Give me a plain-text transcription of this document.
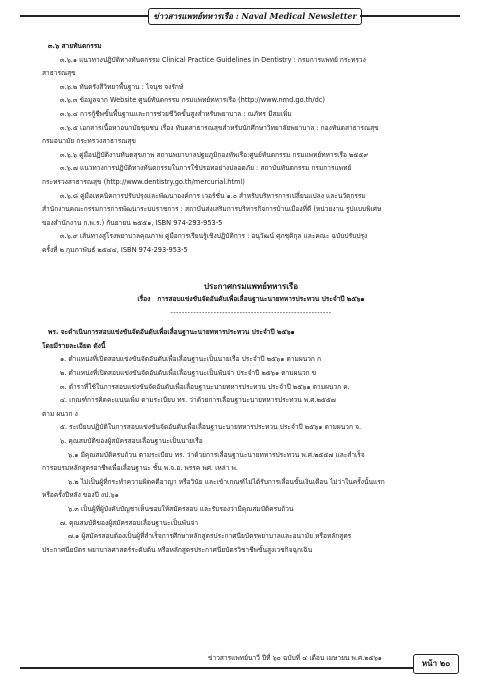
ข่าวสารแพทย์ทหารเรือ : Naval Medical Newsletter
๓.๖ สายทันตกรรม
๓.๖.๑ แนวทางปฏิบัติทางทันตกรรม Clinical Practice Guidelines in Dentistry : กรมการแพทย์ กระทรวง
สาธารณสุข
๓.๖.๒ ทันตรังสีวิทยาพื้นฐาน : ไจนุช จงรักษ์
๓.๖.๓ ข้อมูลจาก Website ศูนย์ทันตกรรม กรมแพทย์ทหารเรือ (http://www.nmd.go.th/dc)
๓.๖.๔ การกู้ชีพขั้นพื้นฐานและการช่วยชีวิตขั้นสูงสำหรับพยาบาล : ณภัทร มีสมเพิ่ม
๓.๖.๕ เอกสารเนื้อหาอนามัยชุมชน เรื่อง ทันตสาธารณสุขสำหรับนักศึกษาวิทยาลัยพยาบาล : กองทันตสาธารณสุข
กรมอนามัย กระทรวงสาธารณสุข
๓.๖.๖ คู่มือปฏิบัติงานทันตสุขภาพ สถานพยาบาลปฐมภูมิกองทัพเรือ:ศูนย์ทันตกรรม กรมแพทย์ทหารเรือ ๒๕๕๙
๓.๖.๗ แนวทางการปฏิบัติทางทันตกรรมในการใช้ปรอทอย่างปลอดภัย : สถาบันทันตกรรม กรมการแพทย์
กระทรวงสาธารณสุข (http://www.dentistry.go.th/mercurial.html)
๓.๖.๘ คู่มือเทคนิคการปรับปรุงและพัฒนาองค์การ เวอร์ชั่น ๑.๐ สำหรับบริหารการเปลี่ยนแปลง และนวัตกรรม
สำนักงานคณะกรรมการการพัฒนาระบบราชการ : สถาบันส่งเสริมการบริหารกิจการบ้านเมืองที่ดี (หน่วยงาน รูปแบบพิเศษ
ของสำนักงาน ก.พ.ร.) กันยายน ๒๕๕๑, ISBN 974-293-953-5
๓.๖.๙ เส้นทางสู่โรงพยาบาลคุณภาพ คู่มือการเรียนรู้เชิงปฏิบัติการ : อนุวัฒน์ ศุภชุติกุล และคณะ ฉบับปรับปรุง
ครั้งที่ ๒ กุมภาพันธ์ ๒๕๔๔, ISBN 974-293-953-5
ประกาศกรมแพทย์ทหารเรือ
เรื่อง การสอบแข่งขันจัดอันดับเพื่อเลื่อนฐานะนายทหารประทวน ประจำปี ๒๕๖๑
--------------------------------------------------------
พร. จะดำเนินการสอบแข่งขันจัดอันดับเพื่อเลื่อนฐานะนายทหารประทวน ประจำปี ๒๕๖๑
โดยมีรายละเอียด ดังนี้
๑. ตำแหน่งที่เปิดสอบแข่งขันจัดอันดับเพื่อเลื่อนฐานะเป็นนายเรือ ประจำปี ๒๕๖๑ ตามผนวก ก
๒. ตำแหน่งที่เปิดสอบแข่งขันจัดอันดับเพื่อเลื่อนฐานะเป็นพันจ่า ประจำปี ๒๕๖๑ ตามผนวก ข
๓. ตำราที่ใช้ในการสอบแข่งขันจัดอันดับเพื่อเลื่อนฐานะนายทหารประทวน ประจำปี ๒๕๖๑ ตามผนวก ค.
๔. เกณฑ์การคิดคะแนนเพิ่ม ตามระเบียบ ทร. ว่าด้วยการเลื่อนฐานะนายทหารประทวน พ.ศ.๒๕๕๗
ตาม ผนวก ง
๕. ระเบียบปฏิบัติในการสอบแข่งขันจัดอันดับเพื่อเลื่อนฐานะนายทหารประทวน ประจำปี ๒๕๖๑ ตามผนวก จ.
๖. คุณสมบัติของผู้สมัครสอบเลื่อนฐานะเป็นนายเรือ
๖.๑ มีคุณสมบัติครบถ้วน ตามระเบียบ ทร. ว่าด้วยการเลื่อนฐานะนายทหารประทวน พ.ศ.๒๕๕๗ และสำเร็จ
การอบรมหลักสูตรอาชีพเพื่อเลื่อนฐานะ ชั้น พ.จ.อ. พรรค พศ. เหล่า พ.
๖.๒ ไม่เป็นผู้ที่กระทำความผิดคดีอาญา หรือวินัย และเข้าเกณฑ์ไม่ได้รับการเลื่อนขั้นเงินเดือน ไม่ว่าในครั้งนั้นแรก
หรือครั้งปีหลัง ของปี งป.๖๑
๖.๓ เป็นผู้ที่ผู้บังคับบัญชาเห็นชอบให้สมัครสอบ และรับรองว่ามีคุณสมบัติครบถ้วน
๗. คุณสมบัติของผู้สมัครสอบเลื่อนฐานะเป็นพันจ่า
๗.๑ ผู้สมัครสอบต้องเป็นผู้ที่สำเร็จการศึกษาหลักสูตรประกาศนียบัตรพยาบาลและอนามัย หรือหลักสูตร
ประกาศนียบัตร พยาบาลศาสตร์ระดับต้น หรือหลักสูตรประกาศนียบัตรวิชาชีพขั้นสูงเวชกิจฉุกเฉิน
ข่าวสารแพทย์นาวี ปีที่ ๖๐ ฉบับที่ ๔ เดือน เมษายน พ.ศ.๒๕๖๑
หน้า ๒๐
